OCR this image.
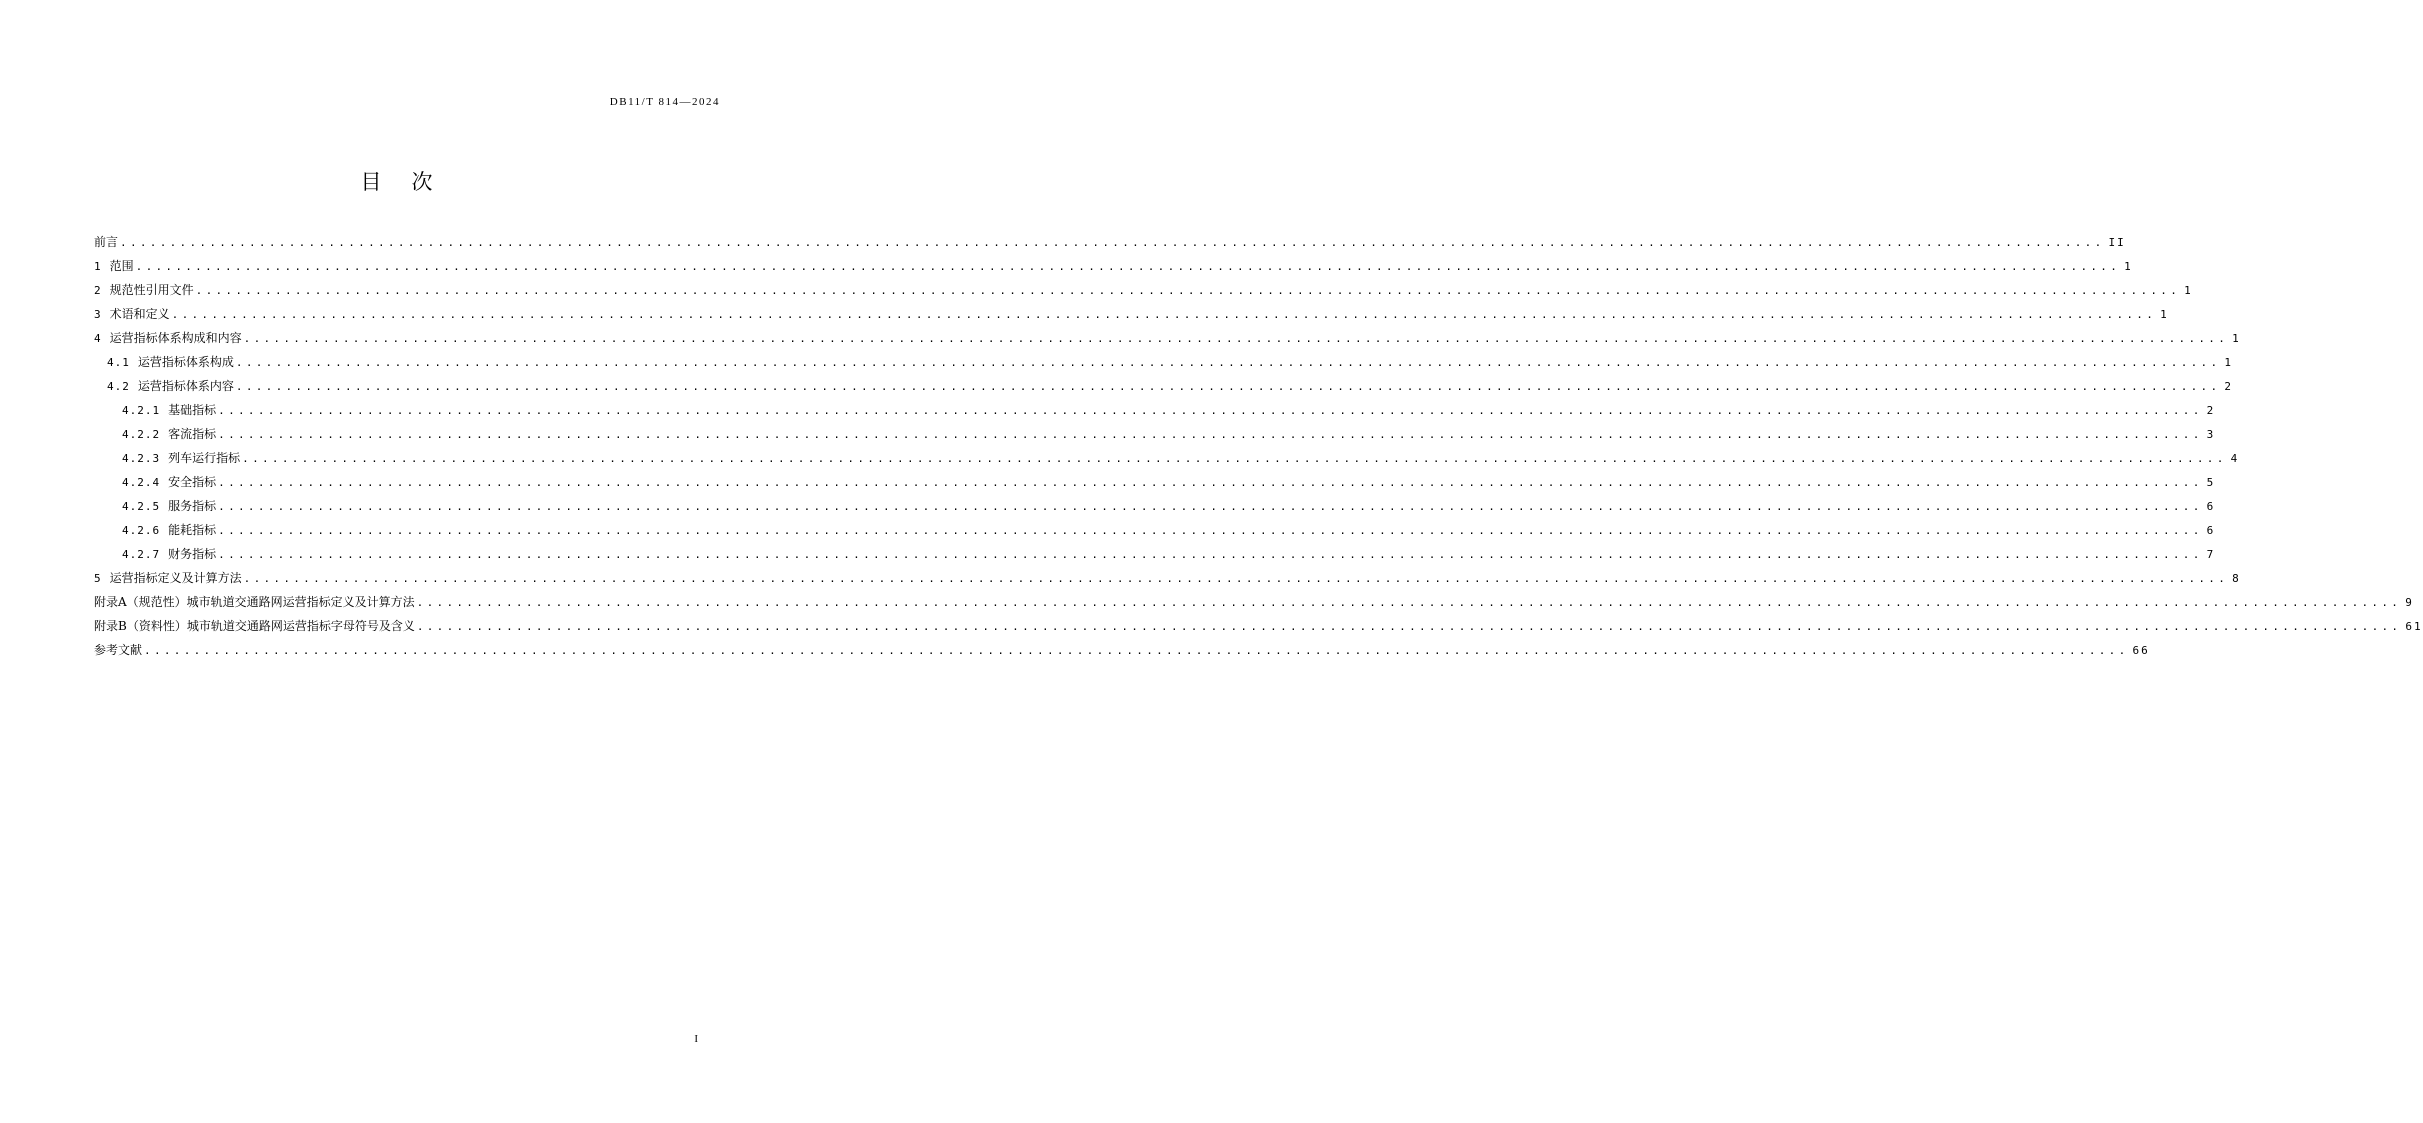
DB11/T 814—2024
目次
前言 ........................................................................................................................................................................................................ II
1 范围 ........................................................................................................................................................................................................ 1
2 规范性引用文件 ........................................................................................................................................................................................................ 1
3 术语和定义 ........................................................................................................................................................................................................ 1
4 运营指标体系构成和内容 ........................................................................................................................................................................................................ 1
4.1 运营指标体系构成 ........................................................................................................................................................................................................ 1
4.2 运营指标体系内容 ........................................................................................................................................................................................................ 2
4.2.1 基础指标 ........................................................................................................................................................................................................ 2
4.2.2 客流指标 ........................................................................................................................................................................................................ 3
4.2.3 列车运行指标 ........................................................................................................................................................................................................ 4
4.2.4 安全指标 ........................................................................................................................................................................................................ 5
4.2.5 服务指标 ........................................................................................................................................................................................................ 6
4.2.6 能耗指标 ........................................................................................................................................................................................................ 6
4.2.7 财务指标 ........................................................................................................................................................................................................ 7
5 运营指标定义及计算方法 ........................................................................................................................................................................................................ 8
附录A（规范性）城市轨道交通路网运营指标定义及计算方法 ........................................................................................................................................................................................................ 9
附录B（资料性）城市轨道交通路网运营指标字母符号及含义 ........................................................................................................................................................................................................ 61
参考文献 ........................................................................................................................................................................................................ 66
I
